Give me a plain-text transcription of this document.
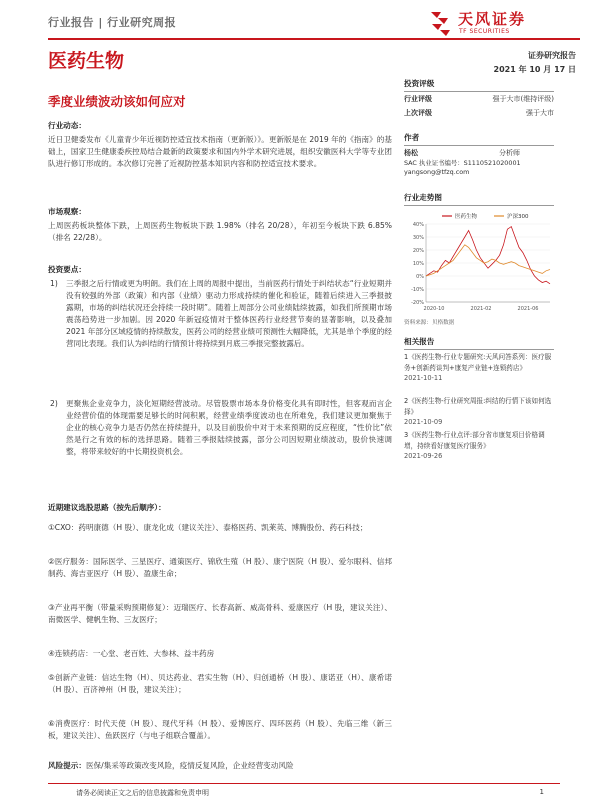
行业报告 | 行业研究周报	天风证券
TF SECURITIES
医药生物	证券研究报告
2021 年 10 月 17 日
季度业绩波动该如何应对
行业动态：
近日卫健委发布《儿童青少年近视防控适宜技术指南（更新版）》。更新版是在 2019 年的《指南》的基础上，国家卫生健康委疾控局结合最新的政策要求和国内外学术研究进展，组织安徽医科大学等专业团队进行修订形成的。本次修订完善了近视防控基本知识内容和防控适宜技术要求。
市场观察：
上周医药板块整体下跌，上周医药生物板块下跌 1.98%（排名 20/28），年初至今板块下跌 6.85%（排名 22/28）。
投资要点：
1) 三季报之后行情或更为明朗。我们在上周的周报中提出，当前医药行情处于纠结状态“行业短期并没有较强的外部（政策）和内部（业绩）驱动力形成持续的催化和验证，随着后续进入三季报披露期，市场的纠结状况还会持续一段时期”。随着上周部分公司业绩陆续披露，如我们所预期市场震荡趋势进一步加剧。因 2020 年新冠疫情对于整体医药行业经营节奏的显著影响，以及叠加 2021 年部分区域疫情的持续散发，医药公司的经营业绩可预测性大幅降低，尤其是单个季度的经营同比表现。我们认为纠结的行情预计将持续到月底三季报完整披露后。
2) 更聚焦企业竞争力，淡化短期经营波动。尽管股票市场本身价格变化具有即时性，但客观而言企业经营价值的体现需要足够长的时间积累，经营业绩季度波动也在所难免，我们建议更加聚焦于企业的核心竞争力是否仍然在持续提升，以及目前股价中对于未来预期的反应程度，“性价比”依然是行之有效的标的选择思路。随着三季报陆续披露，部分公司因短期业绩波动，股价快速调整，将带来较好的中长期投资机会。
近期建议选股思路（按先后顺序）：
①CXO：药明康德（H 股）、康龙化成（建议关注）、泰格医药、凯莱英、博腾股份、药石科技；
②医疗服务：国际医学、三星医疗、通策医疗、锦欣生殖（H 股）、康宁医院（H 股）、爱尔眼科、信邦制药、海吉亚医疗（H 股）、盈康生命；
③产业再平衡（带量采购预期修复）：迈瑞医疗、长春高新、威高骨科、爱康医疗（H 股，建议关注）、南微医学、健帆生物、三友医疗；
④连锁药店：一心堂、老百姓、大参林、益丰药房
⑤创新产业链：信达生物（H）、贝达药业、君实生物（H）、归创通桥（H 股）、康诺亚（H）、康希诺（H 股）、百济神州（H 股，建议关注）；
⑥消费医疗：时代天使（H 股）、现代牙科（H 股）、爱博医疗、四环医药（H 股）、先临三维（新三板，建议关注）、鱼跃医疗（与电子组联合覆盖）。
风险提示：医保/集采等政策改变风险，疫情反复风险，企业经营变动风险
投资评级
行业评级	强于大市(维持评级)
上次评级	强于大市
作者
杨松	分析师
SAC 执业证书编号：S1110521020001
yangsong@tfzq.com
行业走势图
资料来源：贝格数据
相关报告
1《医药生物-行业专题研究:天风问答系列：医疗服务+创新药谈判+康复产业链+连锁药店》
2021-10-11
2《医药生物-行业研究周报:纠结的行情下该如何选择》
2021-10-09
3《医药生物-行业点评:部分省市康复项目价格调增，持续看好康复医疗服务》
2021-09-26
40%
30%
20%
10%
0%
-10%
-20%
2020-10	2021-02	2021-06
医药生物	沪深300
请务必阅读正文之后的信息披露和免责申明	1
